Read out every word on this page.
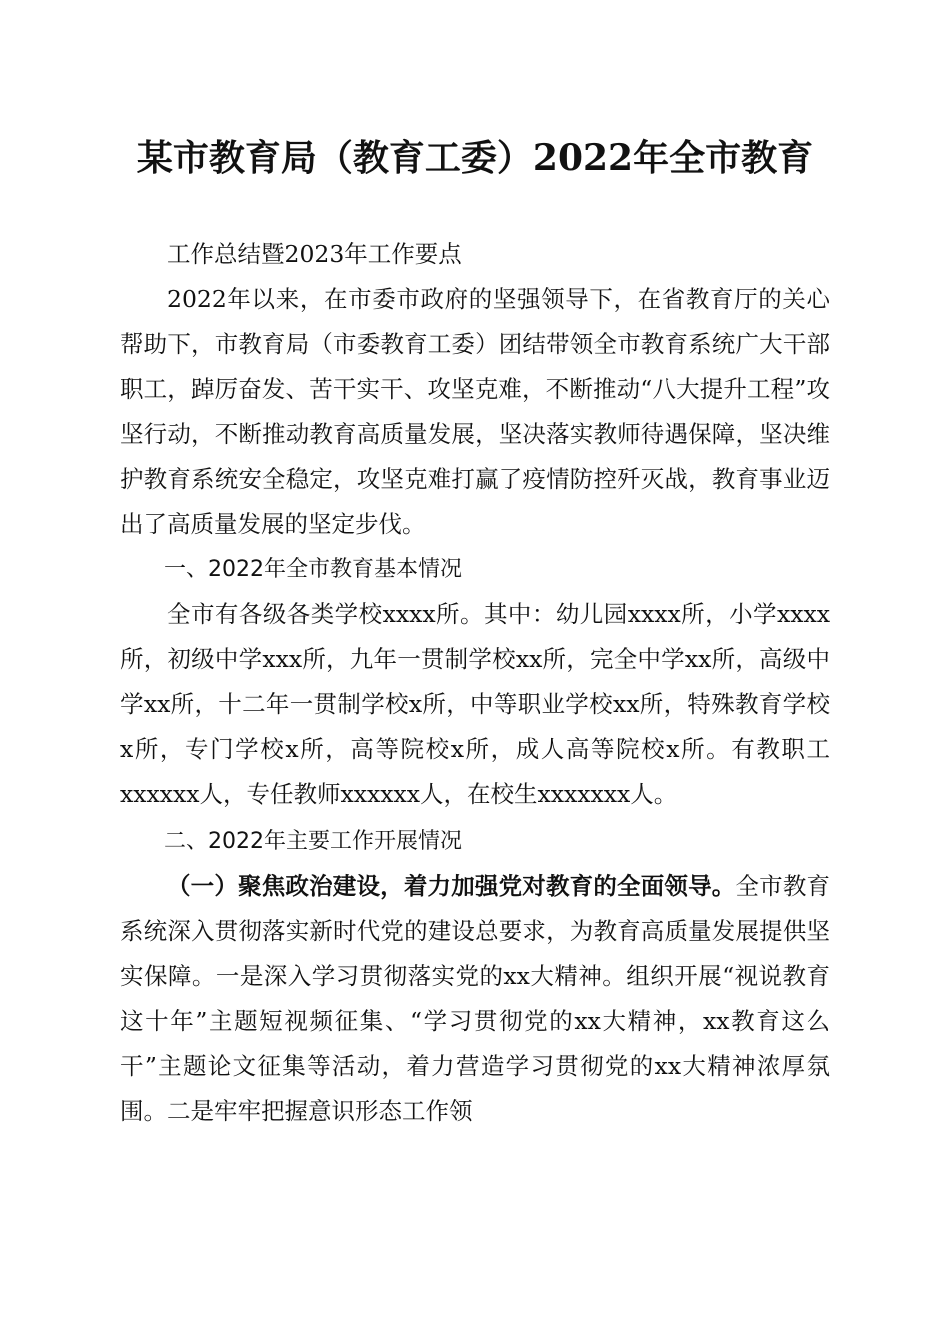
某市教育局（教育工委）2022年全市教育

工作总结暨2023年工作要点

2022年以来，在市委市政府的坚强领导下，在省教育厅的关心帮助下，市教育局（市委教育工委）团结带领全市教育系统广大干部职工，踔厉奋发、苦干实干、攻坚克难，不断推动“八大提升工程”攻坚行动，不断推动教育高质量发展，坚决落实教师待遇保障，坚决维护教育系统安全稳定，攻坚克难打赢了疫情防控歼灭战，教育事业迈出了高质量发展的坚定步伐。

一、2022年全市教育基本情况

全市有各级各类学校xxxx所。其中：幼儿园xxxx所，小学xxxx所，初级中学xxx所，九年一贯制学校xx所，完全中学xx所，高级中学xx所，十二年一贯制学校x所，中等职业学校xx所，特殊教育学校x所，专门学校x所，高等院校x所，成人高等院校x所。有教职工xxxxxx人，专任教师xxxxxx人，在校生xxxxxxx人。

二、2022年主要工作开展情况

（一）聚焦政治建设，着力加强党对教育的全面领导。全市教育系统深入贯彻落实新时代党的建设总要求，为教育高质量发展提供坚实保障。一是深入学习贯彻落实党的xx大精神。组织开展“视说教育这十年”主题短视频征集、“学习贯彻党的xx大精神，xx教育这么干”主题论文征集等活动，着力营造学习贯彻党的xx大精神浓厚氛围。二是牢牢把握意识形态工作领
